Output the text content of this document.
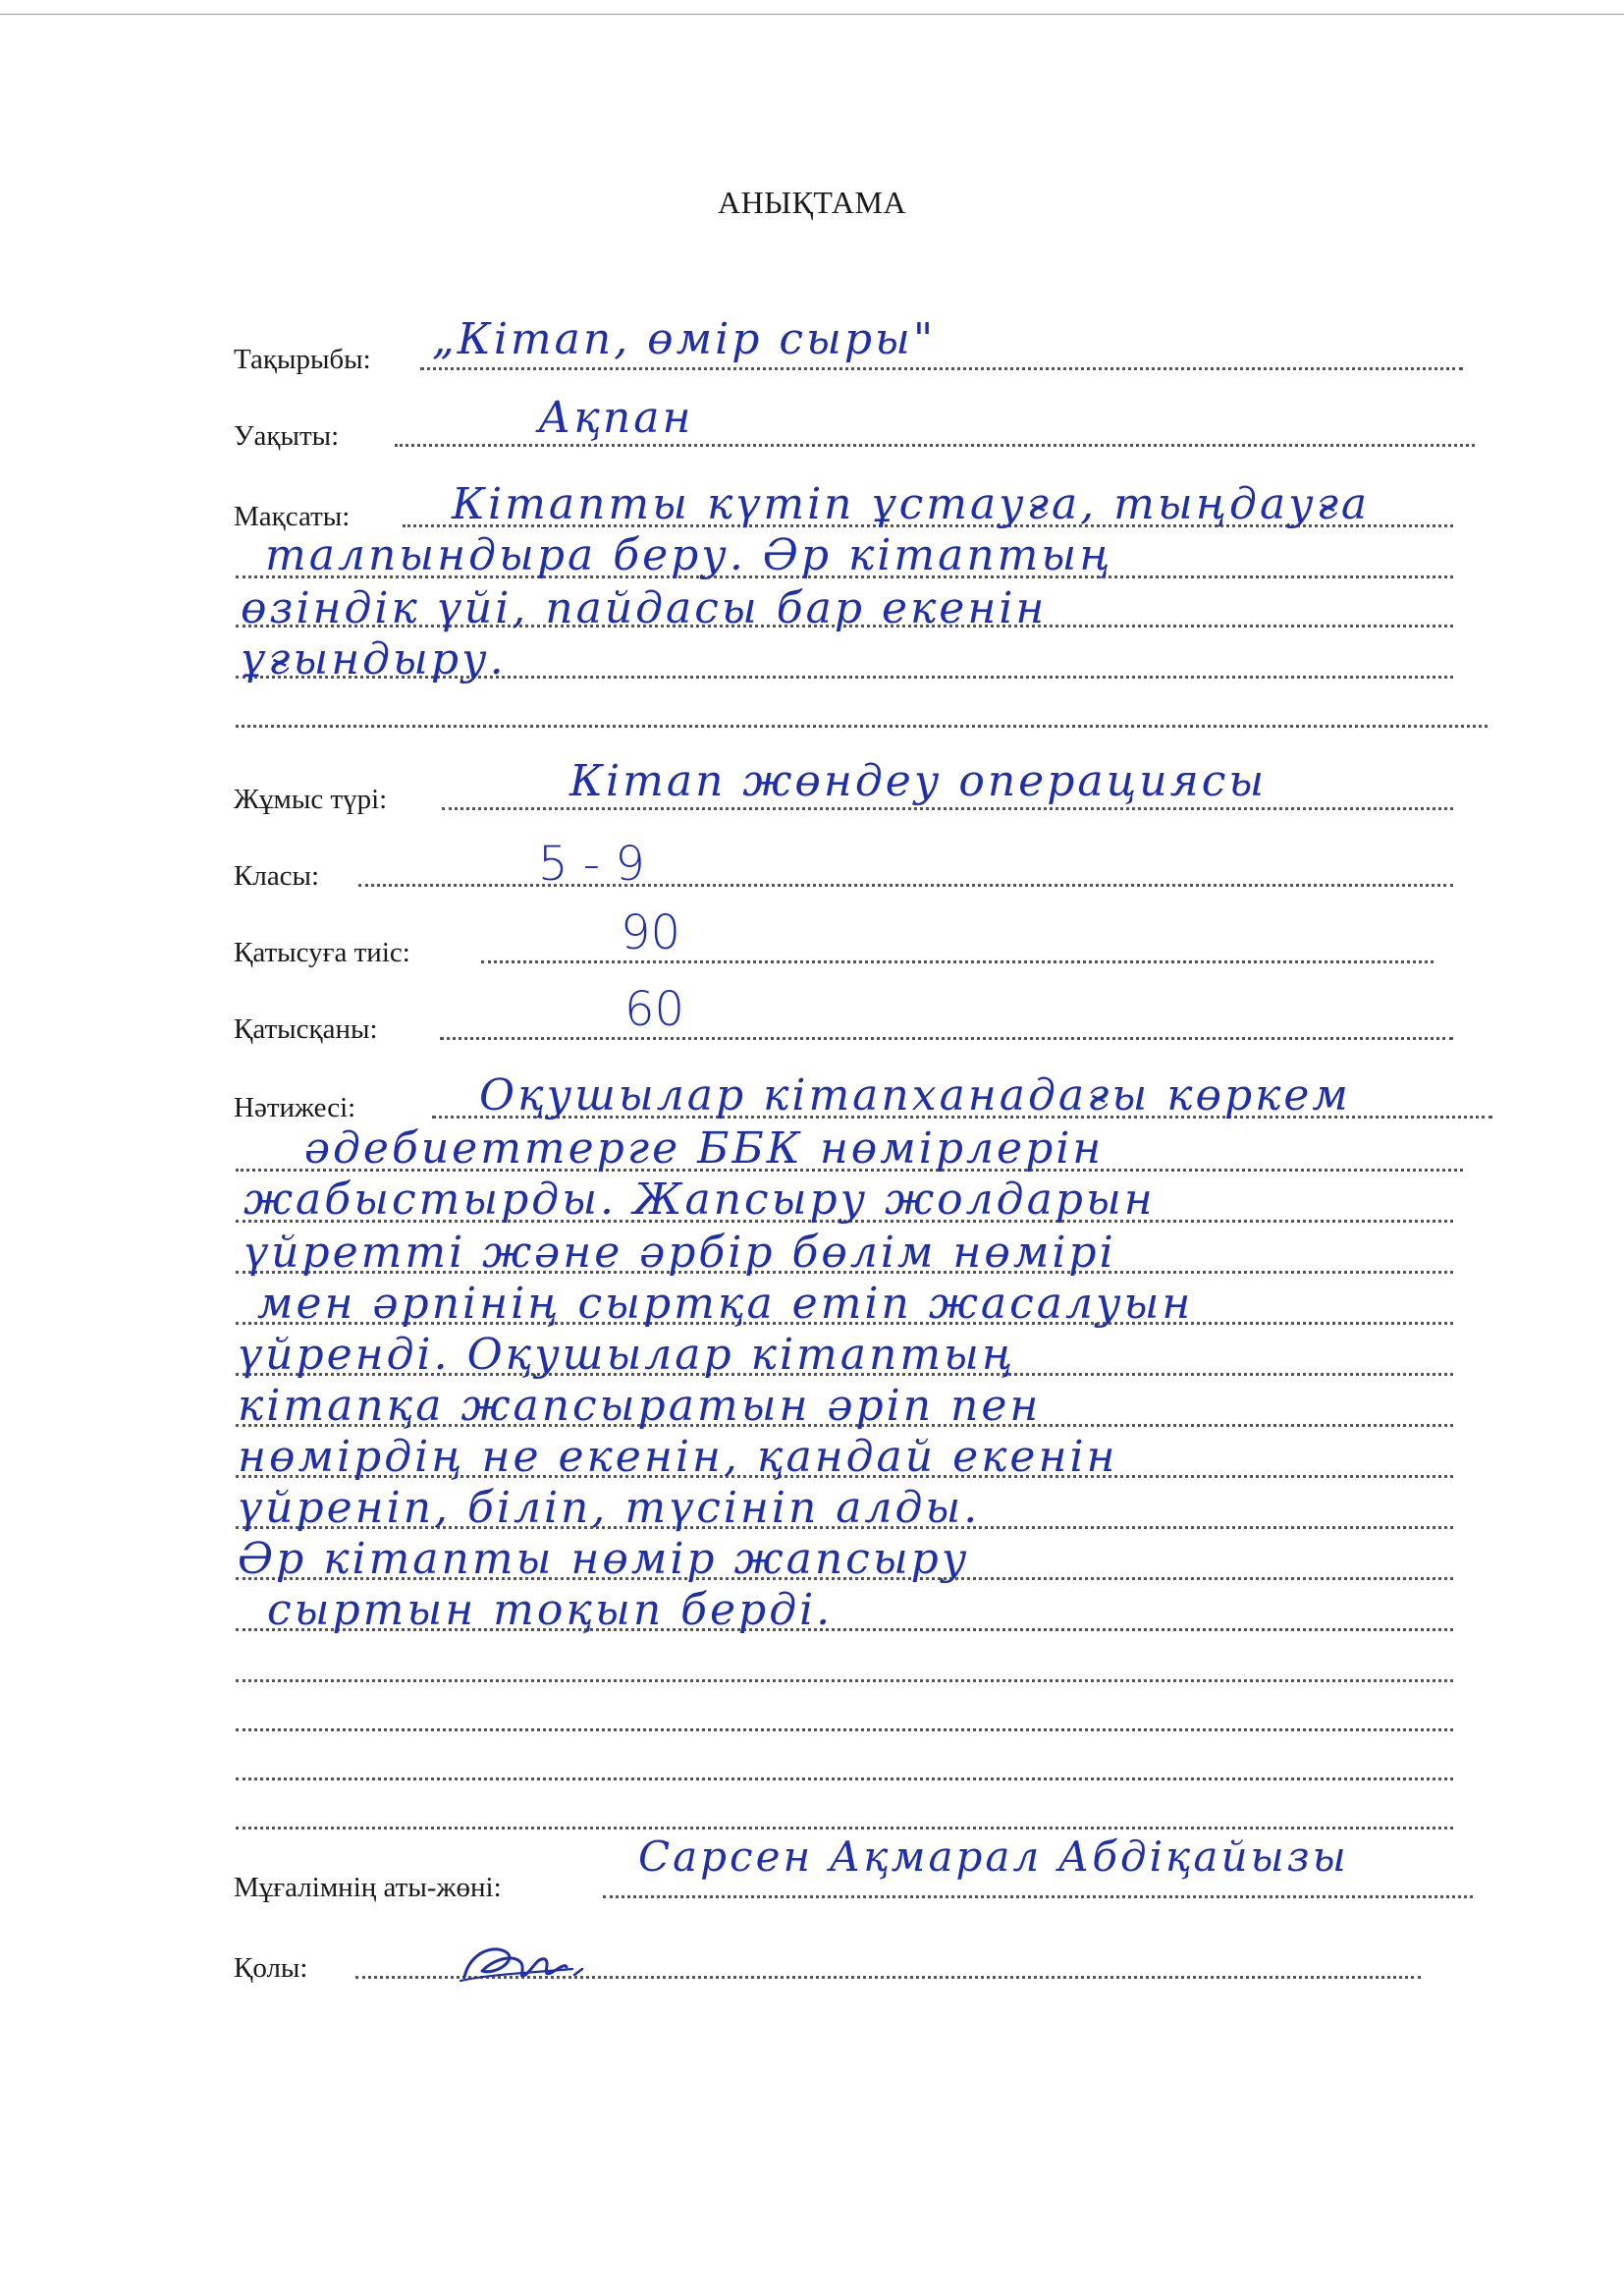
АНЫҚТАМА
Тақырыбы: „Кітап, өмір сыры"
Уақыты:	Ақпан
Мақсаты: Кітапты күтіп ұстауға, тыңдауға
талпындыра беру. Әр кітаптың
өзіндік үйі, пайдасы бар екенін
ұғындыру.
Жұмыс түрі:	Кітап жөндеу операциясы
Класы:	5 - 9
Қатысуға тиіс:	90
Қатысқаны:	60
Нәтижесі:	Оқушылар кітапханадағы көркем
әдебиеттерге ББК нөмірлерін
жабыстырды. Жапсыру жолдарын
үйретті және әрбір бөлім нөмірі
мен әрпінің сыртқа етіп жасалуын
үйренді. Оқушылар кітаптың
кітапқа жапсыратын әріп пен
нөмірдің не екенін, қандай екенін
үйреніп, біліп, түсініп алды.
Әр кітапты нөмір жапсыру
сыртын тоқып берді.
Мұғалімнің аты-жөні:
Сарсен Ақмарал Абдіқайызы
Қолы:
